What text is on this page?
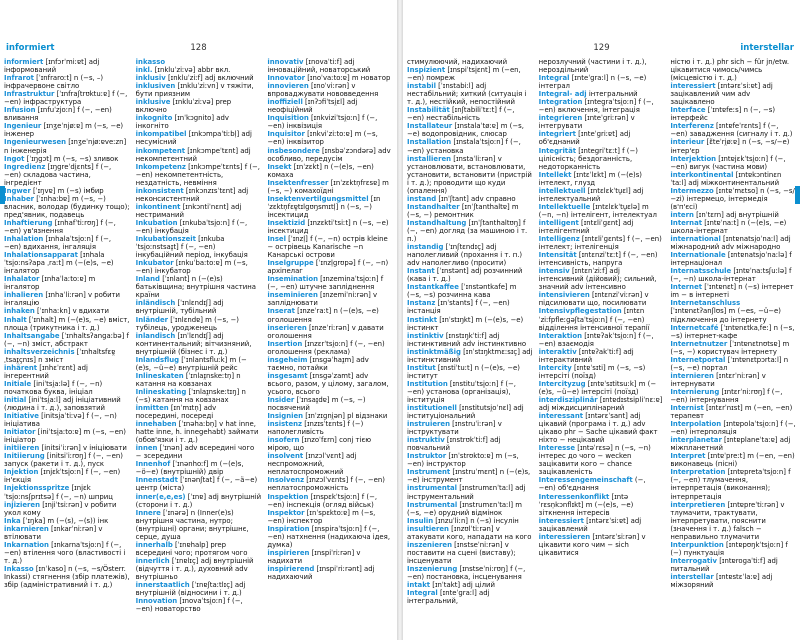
informiert	128
informiert [ɪnfɔrˈmiːɐt] adj інформований
Infrarot [ˈɪnfraroːt] n (−s, –) інфрачервоне світло
Infrastruktur [ˈɪnfraʃtrʊktuːɐ] f (−, −en) інфраструктура
Infusion [ɪnfuˈzjoːn] f (−, −en) вливання
Ingenieur [ɪnʒeˈnjøːɐ] m (−s, −e) інженер
Ingenieurwesen [ɪnʒeˈnjøːɐveːzn] n інженерія
Ingot [ˈɪŋɡɔt] m (−s, −s) зливок
Ingredienz [ɪŋɡreˈdi̯ɛnts] f (−, −en) складова частина, інгредієнт
Ingwer [ˈɪŋvɐ] m (−s) імбир
Inhaber [ˈɪnhaːbɐ] m (−s, −) власник, володар (будинку тощо); пред'явник, подавець
Inhaftierung [ɪnhafˈtiːrʊŋ] f (−, −en) ув'язнення
Inhalation [ɪnhalaˈtsi̯oːn] f (−, −en) вдихання, інгаляція
Inhalationsapparat [ɪnhalaˈtsi̯oːnsʔapa ˌraːt] m (−(e)s, −e) інгалятор
Inhalator [ɪnhaˈlaːtoːɐ] m інгалятор
inhalieren [ɪnhaˈliːrən] v робити інгаляцію
inhaken [ˈɪnhaːkn] v вдихати
Inhalt [ˈɪnhalt] m (−(e)s, −e) вміст, площа (трикутника і т. д.)
Inhaltsangabe [ˈɪnhaltsʔanɡaːbə] f (−, −n) зміст, абстракт
inhaltsverzeichnis [ˈɪnhaltsfɛɐ̯ˌtsaɪ̯çnɪs] n зміст
inhärent [ɪnhɛˈrɛnt] adj інгерентний
Initiale [iniˈtsi̯aːlə] f (−, −n) початкова буква, ініціал
initial [iniˈtsi̯aːl] adj ініціативний (людина і т. д.), заповзятий
Initiative [initsi̯aˈtiːvə] f (−, −n) ініціатива
Initiator [iniˈtsi̯aːtoːɐ] m (−s, −en) ініціатор
initiieren [initsiˈiːrən] v ініціювати
Initiierung [initsiˈiːrʊŋ] f (−, −en) запуск (ракети і т. д.), пуск
Injektion [ɪnjɛkˈtsi̯oːn] f (−, −en) ін'єкція
Injektionsspritze [ɪnjɛkˈtsi̯oːnsʃprɪtsə] f (−, −n) шприц
injizieren [ɪnjiˈtsiːrən] v робити укол кому
Inka [ˈɪŋka] m (−(s), −(s)) інк
inkarnieren [ɪnkarˈniːrən] v втілювати
Inkarnation [ɪnkarnaˈtsi̯oːn] f (−, −en) втілення чого (властивості і т. д.)
Inkasso [ɪnˈkaso] n (−s, −s/Österr. Inkassi) стягнення (збір платежів), збір (адміністративний і т. д.)
inkasso
inkl. [ɪnkluˈziːvə] abbr вкл.
inklusiv [ɪnkluˈziːf] adj включний
inklusiven [ɪnkluˈziːvn] v тяжіти, бути приязним
inklusive [ɪnkluˈziːvə] prep включно
inkognito [ɪnˈkɔɡnito] adv інкогніто
inkompatibel [ɪnkɔmpaˈtiːbl̩] adj несумісний
inkompetent [ɪnkɔmpeˈtɛnt] adj некомпетентний
Inkompetenz [ɪnkɔmpeˈtɛnts] f (−, −en) некомпетентність, нездатність, невміння
inkonsistent [ɪnkɔnzɪsˈtɛnt] adj неконсистентний
inkontinent [ɪnkɔntiˈnɛnt] adj нестриманий
Inkubation [ɪnkubaˈtsi̯oːn] f (−, −en) інкубація
Inkubationszeit [ɪnkubaˈtsi̯oːnstsaɪ̯t] f (−, −en) інкубаційний період, інкубація
Inkubator [ɪnkuˈbaːtoːɐ] m (−s, −en) інкубатор
Inland [ˈɪnlant] n (−(e)s) батьківщина; внутрішня частина країни
inländisch [ˈɪnlɛndɪʃ] adj внутрішній, тубільний
Inländer [ˈɪnlɛndɐ] m (−s, −) тубілець, уродженець
inlandisch [ɪnˈlɛndɪʃ] adj континентальний; вітчизняний, внутрішній (бізнес і т. д.)
Inlandsflug [ˈɪnlantsfluːk] m (−(e)s, −ü−e) внутрішній рейс
Inlineskaten [ˈɪnlaɪ̯nskeːtn̩] n катання на ковзанах
Inlineskating [ˈɪnlaɪ̯nskeːtɪŋ] n (−s) катання на ковзанах
inmitten [ɪnˈmɪtn̩] adv посередині, посереді
innehaben [ˈɪnəhaːbn̩] v hat inne, hatte inne, h. innegehabt) займати (обов'язки і т. д.)
innen [ˈɪnən] adv всередині чого − зсередини
Innenhof [ˈɪnənhoːf] m (−(e)s, −ö−e) (внутрішній) двір
Innenstadt [ˈɪnənʃtat] f (−, −ä−e) центр (міста)
inner(e,e,es) [ˈɪnɐ] adj внутрішній (сторони і т. д.)
Innere [ˈɪnərə] n (Inner(e)s) внутрішня частина, нутро; (внутрішні) органи; внутрішнє, серце, душа
innerhalb [ˈɪnɐhalp] prep всередині чого; протягом чого
innerlich [ˈɪnɐlɪç] adj внутрішній (відчуття і т. д.), духовний adv внутрішньо
innerstaatlich [ˈɪnɐʃtaːtlɪç] adj внутрішній (відносини і т. д.)
Innovation [ɪnovaˈtsi̯oːn] f (−, −en) новаторство
innovativ [ɪnovaˈtiːf] adj інноваційний, новаторський
Innovator [ɪnoˈvaːtoːɐ] m новатор
innovieren [ɪnoˈviːrən] v впроваджувати нововведення
inoffiziell [ɪnʔɔfiˈtsi̯ɛl] adj неофіційний
Inquisition [ɪnkviziˈtsi̯oːn] f (−, −en) інквізиція
Inquisitor [ɪnkviˈziːtoːɐ] m (−s, −en) інквізитор
insbesondere [ɪnsbəˈzɔndərə] adv особливо, передусім
Insekt [ɪnˈzɛkt] n (−(e)s, −en) комаха
Insektenfresser [ɪnˈzɛktn̩frɛsɐ] m (−s, −) комахоїдні
Insektenvertilgungsmittel [ɪnˈzɛktn̩fɛɐ̯tɪlɡʊŋsmɪtl̩] n (−s, −) інсектицид
Insektizid [ɪnzɛktiˈtsiːt] n (−s, −e) інсектицид
Insel [ˈɪnzl̩] f (−, −n) острів kleine − острівець Kanarische −n Канарські острови
Inselgruppe [ˈɪnzl̩ɡrʊpə] f (−, −n) архіпелаг
Insemination [ɪnzeminaˈtsi̯oːn] f (−, −en) штучне запліднення
inseminieren [ɪnzemiˈniːrən] v запліднювати
Inserat [ɪnzeˈraːt] n (−(e)s, −e) оголошення
inserieren [ɪnzeˈriːrən] v давати оголошення
Insertion [ɪnzɛrˈtsi̯oːn] f (−, −en) оголошення (реклама)
insgeheim [ɪnsɡəˈhaɪ̯m] adv таємно, потайки
insgesamt [ɪnsɡəˈzamt] adv всього, разом, у цілому, загалом, усього, всього
Insider [ˈɪnsaɪ̯dɐ] m (−s, −) посвячений
Insignien [ɪnˈzɪɡni̯ən] pl відзнаки
insistenz [ɪnzɪsˈtɛnts] f (−) наполегливість
insofern [ɪnzoˈfɛrn] conj тією мірою, що
insolvent [ɪnzɔlˈvɛnt] adj неспроможний, неплатоспроможний
Insolvenz [ɪnzɔlˈvɛnts] f (−, −en) неплатоспроможність
Inspektion [ɪnspɛkˈtsi̯oːn] f (−, −en) інспекція (огляд військ)
Inspektor [ɪnˈspɛktoːɐ] m (−s, −en) інспектор
Inspiration [ɪnspiraˈtsi̯oːn] f (−, −en) натхнення (надихаюча ідея, думка)
inspirieren [ɪnspiˈriːrən] v надихати
inspirierend [ɪnspiˈriːrənt] adj надихаючий
129	interstellar
стимулюючий, надихаючий
Inspizient [ɪnspiˈtsi̯ɛnt] m (−en, −en) помреж
instabil [ˈɪnstabiːl] adj нестабільний; хиткий (ситуація і т. д.), нестійкий, непостійний
Instabilität [ɪnʃtabiliˈtɛːt] f (−, −en) нестабільність
Installateur [ɪnstalaˈtøːɐ] m (−s, −e) водопровідник, слюсар
Installation [ɪnstalaˈtsi̯oːn] f (−, −en) установка
installieren [ɪnstaˈliːrən] v установлювати, встановлювати, установити, встановити (пристрій і т. д.); проводити що куди (опалення)
instand [ɪnˈʃtant] adv справно
Instandhalter [ɪnˈʃtanthaltɐ] m (−s, −) ремонтник
Instandhaltung [ɪnˈʃtanthaltʊŋ] f (−, −en) догляд (за машиною і т. п.)
instandig [ˈɪnʃtɛndɪç] adj наполегливий (прохання і т. п.) adv наполегливо (просити)
Instant [ˈɪnstənt] adj розчинний (кава і т. д.)
Instantkaffee [ˈɪnstəntkafe] m (−s, −s) розчинна кава
Instanz [ɪnˈstants] f (−, −en) інстанція
Instinkt [ɪnˈstɪŋkt] m (−(e)s, −e) інстинкт
instinktiv [ɪnstɪŋkˈtiːf] adj інстинктивний adv інстинктивно
instinktmäßig [ɪnˈstɪŋktmɛːsɪç] adj інстинктивний
Institut [ɪnstiˈtuːt] n (−(e)s, −e) інститут
Institution [ɪnstituˈtsi̯oːn] f (−, −en) установа (організація), інституція
institutionell [ɪnstitutsi̯oˈnɛl] adj інституціональний
instruieren [ɪnstruˈiːrən] v інструктувати
instruktiv [ɪnstrʊkˈtiːf] adj повчальний
Instruktor [ɪnˈstrʊktoːɐ] m (−s, −en) інструктор
Instrument [ɪnstruˈmɛnt] n (−(e)s, −e) інструмент
instrumental [ɪnstrumɛnˈtaːl] adj інструментальний
Instrumental [ɪnstrumɛnˈtaːl] m (−s, −e) орудний відмінок
Insulin [ɪnzuˈliːn] n (−s) інсулін
insultieren [ɪnzʊlˈtiːrən] v атакувати кого, нападати на кого
inszenieren [ɪnstseˈniːrən] v поставити на сцені (виставу); інсценувати
Inszenierung [ɪnstseˈniːrʊŋ] f (−, −en) постановка, інсценування
intakt [ɪnˈtakt] adj цілий
Integral [ɪnteˈɡraːl] adj інтегральний,
нерозлучний (частини і т. д.), нероздільний
Integral [ɪnteˈɡraːl] n (−s, −e) інтеграл
Integral- adj інтегральний
Integration [ɪnteɡraˈtsi̯oːn] f (−, −en) включення, інтеграція
integrieren [ɪnteˈɡriːrən] v інтегрувати
integriert [ɪnteˈɡriːɐt] adj об'єднаний
Integrität [ɪnteɡriˈtɛːt] f (−) цілісність; бездоганність, недоторканність
Intellekt [ɪntɛˈlɛkt] m (−(e)s) інтелект, глузд
intellektuell [ɪntɛlɛkˈtu̯ɛl] adj інтелектуальний
Intellektuelle [ɪntɛlɛkˈtu̯ɛlə] m (−n, −n) інтелігент, інтелектуал
intelligent [ɪntɛliˈɡɛnt] adj інтелігентний
Intelligenz [ɪntɛliˈɡɛnts] f (−, −en) інтелект; інтелігенція
Intensität [ɪntɛnziˈtɛːt] f (−, −en) інтенсивність, напруга
intensiv [ɪntɛnˈziːf] adj інтенсивний (дійовий); сильний, значний adv інтенсивно
intensivieren [ɪntɛnziˈviːrən] v підсилювати що, посилювати
Intensivpflegestation [ɪntɛnˈziːfpfleːɡəʃtaˈtsi̯oːn] f (−, −en) відділення інтенсивної терапії
Interaktion [ɪntɐʔakˈtsi̯oːn] f (−, −en) взаємодія
interaktiv [ɪntɐʔakˈtiːf] adj інтерактивний
Intercity [ɪntɐˈsɪti] m (−s, −s) інтерсіті (поїзд)
Intercityzug [ɪntɐˈsɪtitsuːk] m (−(e)s, −ü−e) інтерсіті (поїзд)
interdisziplinär [ɪntɐdɪstsipliˈnɛːɐ] adj міждисциплінарний
interessant [ɪntərɛˈsant] adj цікавий (програма і т. д.) adv цікаво phr − Sache цікавий факт ніхто − нецікавий
Interesse [ɪntəˈrɛsə] n (−s, −n) інтерес до чого − wecken зацікавити кого − chance зацікавленість
Interessengemeinschaft (−, −en) об'єднання
Interessenkonflikt [ɪntəˈrɛsn̩kɔnflɪkt] m (−(e)s, −e) зіткнення інтересів
interessiert [ɪntərɛˈsiːɐt] adj зацікавлений
interessieren [ɪntərɛˈsiːrən] v цікавити кого чим − sich цікавитися
ністю і т. д.) phr sich − für jn/etw. цікавитися чимось/чимсь (місцевістю і т. д.)
interessiert [ɪntərɛˈsiːɐt] adj зацікавлений чим adv зацікавлено
Interface [ˈɪntɐfeːs] n (−, −s) інтерфейс
Interferenz [ɪntɐfeˈrɛnts] f (−, −en) завадження (сигналу і т. д.)
interieur [ɛ̃teˈri̯øːɐ] n (−s, −s/−e) інтер'єр
Interjektion [ɪntɐjɛkˈtsi̯oːn] f (−, −en) вигук (частина мови)
interkontinental [ɪntɐkɔntinɛnˈtaːl] adj міжконтинентальний
Intermezzo [ɪntɐˈmɛtso] n (−s, −s/−zi) інтермецо, інтермедія (в'п'єсі)
intern [ɪnˈtɛrn] adj внутрішній
Internat [ɪntɐˈnaːt] n (−(e)s, −e) школа-інтернат
international [ɪntɐnatsi̯oˈnaːl] adj міжнародний adv міжнародно
Internationale [ɪntɐnatsi̯oˈnaːlə] f інтернаціонал
Internatsschule [ɪntɐˈnaːtsʃuːlə] f (−, −n) школа-інтернат
Internet [ˈɪntɐnɛt] n (−s) інтернет im − в інтернеті
Internetanschluss [ˈɪntɐnɛtʔanʃlʊs] m (−es, −ü−e) підключення до інтернету
Internetcafé [ˈɪntɐnɛtkaˌfeː] n (−s, −s) інтернет-кафе
Internetnutzer [ˈɪntɐnɛtnʊtsɐ] m (−s, −) користувач інтернету
Internetportal [ˈɪntɐnɛtpɔrtaːl] n (−s, −e) портал
internieren [ɪntɛrˈniːrən] v інтернувати
Internierung [ɪntɛrˈniːrʊŋ] f (−, −en) інтернування
Internist [ɪntɛrˈnɪst] m (−en, −en) терапевт
Interpolation [ɪntɐpolaˈtsi̯oːn] f (−, −en) інтерполяція
interplanetar [ɪntɐplaneˈtaːɐ] adj міжпланетний
Interpret [ɪntɐˈpreːt] m (−en, −en) виконавець (пісні)
Interpretation [ɪntɐpretaˈtsi̯oːn] f (−, −en) тлумачення, інтерпретація (виконання); інтерпретація
interpretieren [ɪntɐpreˈtiːrən] v тлумачити, трактувати, інтерпретувати, пояснити (значення і т. д.) falsch − неправильно тлумачити
Interpunktion [ɪntɐpʊŋkˈtsi̯oːn] f (−) пунктуація
Interrogativ [ɪntɐroɡaˈtiːf] adj питальний
interstellar [ɪntɐstɛˈlaːɐ] adj міжзоряний
